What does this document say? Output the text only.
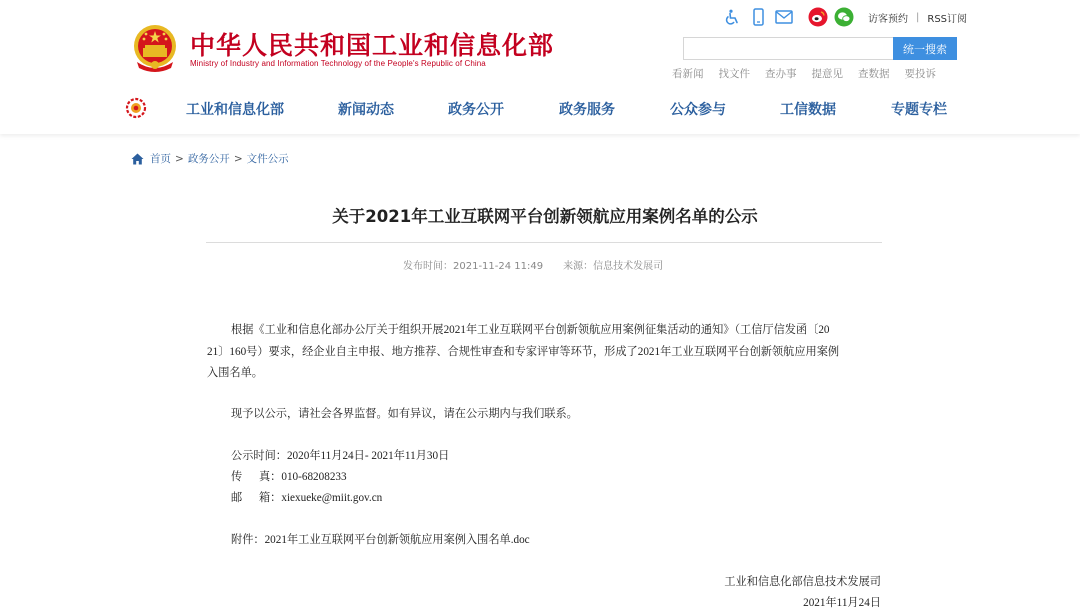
中华人民共和国工业和信息化部
Ministry of Industry and Information Technology of the People's Republic of China
访客预约 | RSS订阅
统一搜索
看新闻 找文件 查办事 提意见 查数据 要投诉
工业和信息化部	新闻动态	政务公开	政务服务	公众参与	工信数据	专题专栏
首页 > 政务公开 > 文件公示
关于2021年工业互联网平台创新领航应用案例名单的公示
发布时间：2021-11-24 11:49 来源：信息技术发展司
根据《工业和信息化部办公厅关于组织开展2021年工业互联网平台创新领航应用案例征集活动的通知》（工信厅信发函〔20
21〕160号）要求，经企业自主申报、地方推荐、合规性审查和专家评审等环节，形成了2021年工业互联网平台创新领航应用案例
入围名单。
现予以公示，请社会各界监督。如有异议，请在公示期内与我们联系。
公示时间：2020年11月24日- 2021年11月30日
传      真：010-68208233
邮      箱：xiexueke@miit.gov.cn
附件：2021年工业互联网平台创新领航应用案例入围名单.doc
工业和信息化部信息技术发展司
2021年11月24日
